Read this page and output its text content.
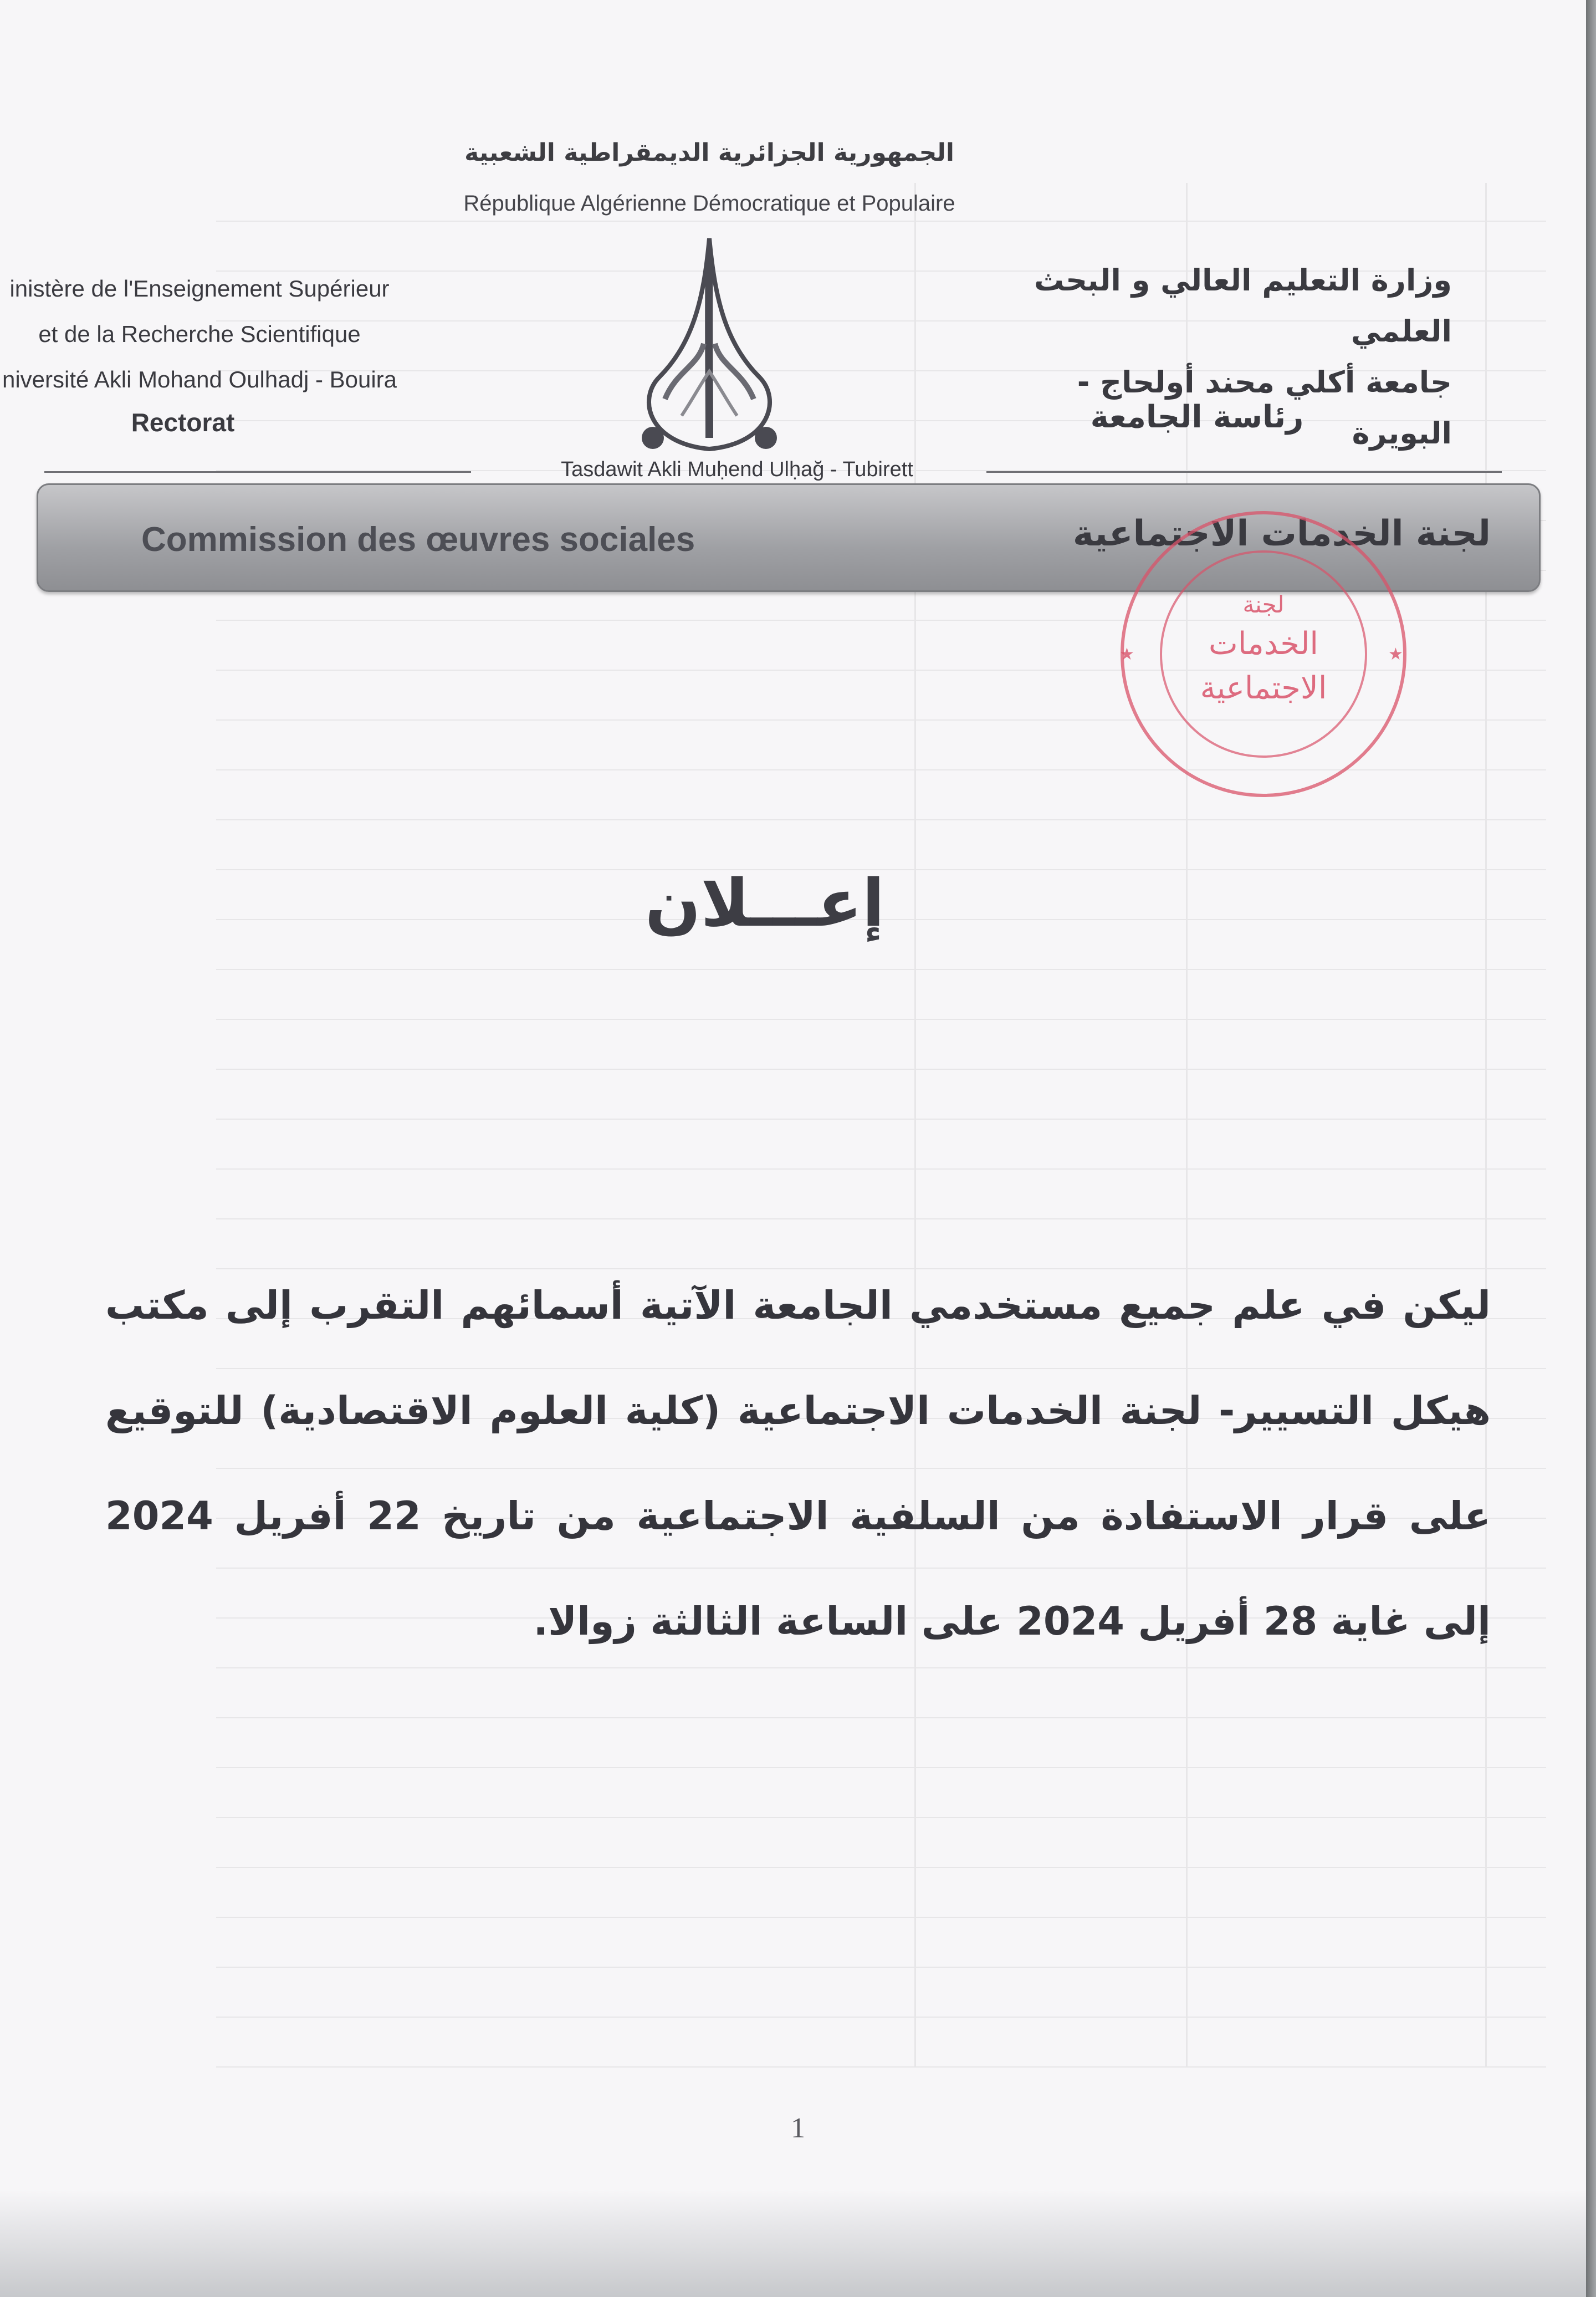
الجمهورية الجزائرية الديمقراطية الشعبية
République Algérienne Démocratique et Populaire
inistère de l'Enseignement Supérieur
et de la Recherche Scientifique
niversité Akli Mohand Oulhadj - Bouira
Rectorat
وزارة التعليم العالي و البحث العلمي
جامعة أكلي محند أولحاج - البويرة
رئاسة الجامعة
Tasdawit Akli Muḥend Ulḥağ - Tubirett
Commission des œuvres sociales	لجنة الخدمات الاجتماعية
★	★
لجنة
الخدمات
الاجتماعية
إعـــلان
ليكن في علم جميع مستخدمي الجامعة الآتية أسمائهم التقرب إلى مكتب هيكل التسيير- لجنة الخدمات الاجتماعية (كلية العلوم الاقتصادية) للتوقيع على قرار الاستفادة من السلفية الاجتماعية من تاريخ 22 أفريل 2024 إلى غاية 28 أفريل 2024 على الساعة الثالثة زوالا.
1
